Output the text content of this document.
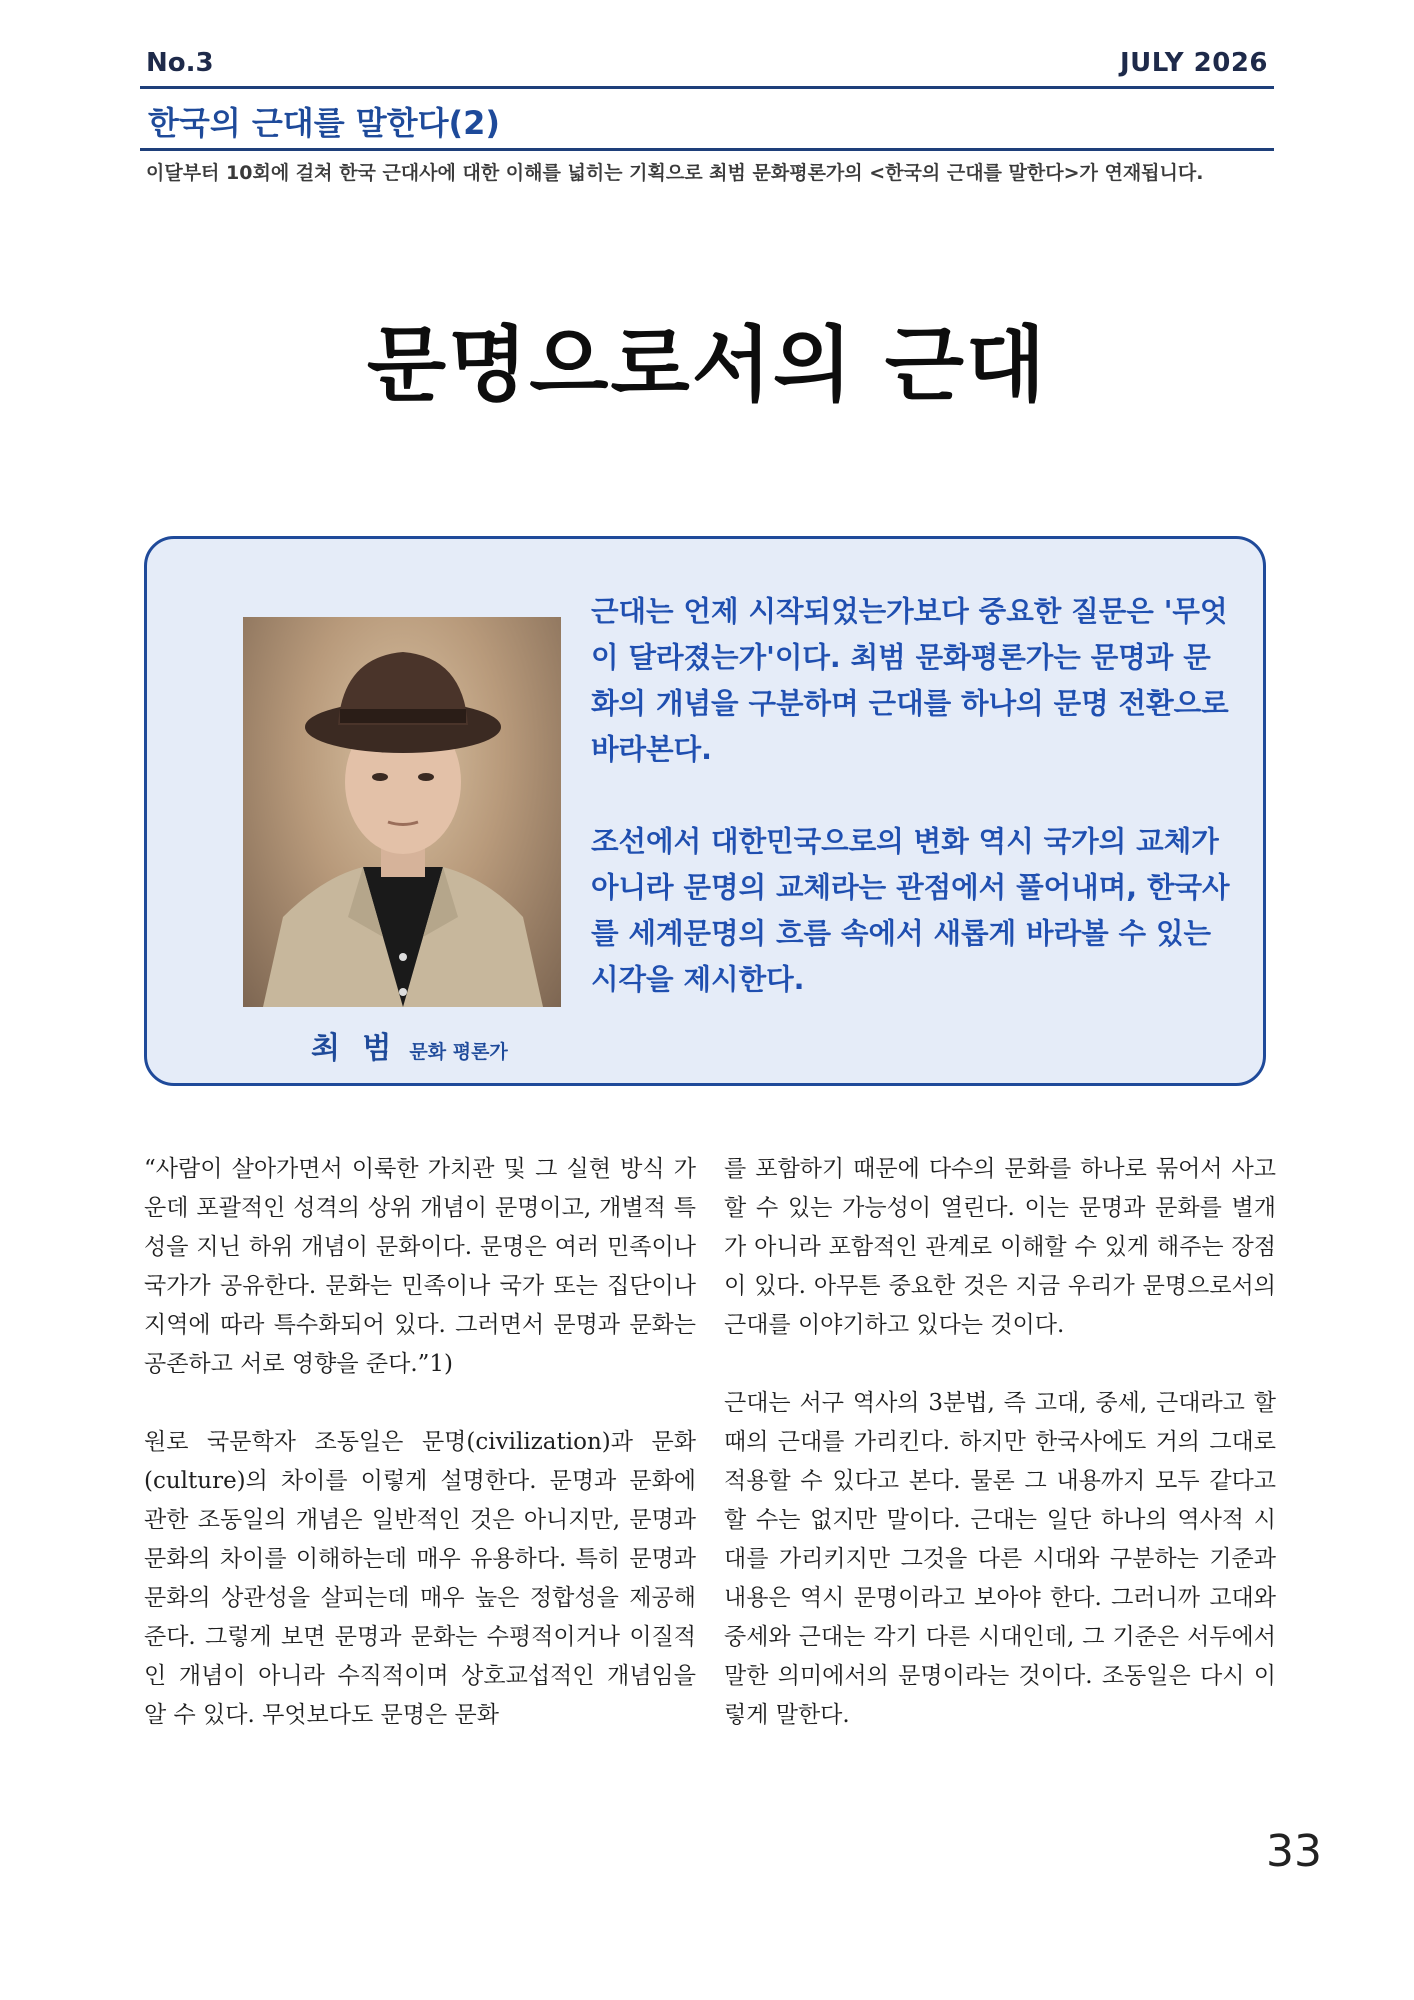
No.3	JULY 2026
한국의 근대를 말한다(2)
이달부터 10회에 걸쳐 한국 근대사에 대한 이해를 넓히는 기획으로 최범 문화평론가의 <한국의 근대를 말한다>가 연재됩니다.
문명으로서의 근대
최 범 문화 평론가

근대는 언제 시작되었는가보다 중요한 질문은 '무엇이 달라졌는가'이다. 최범 문화평론가는 문명과 문화의 개념을 구분하며 근대를 하나의 문명 전환으로 바라본다.

조선에서 대한민국으로의 변화 역시 국가의 교체가 아니라 문명의 교체라는 관점에서 풀어내며, 한국사를 세계문명의 흐름 속에서 새롭게 바라볼 수 있는 시각을 제시한다.

“사람이 살아가면서 이룩한 가치관 및 그 실현 방식 가운데 포괄적인 성격의 상위 개념이 문명이고, 개별적 특성을 지닌 하위 개념이 문화이다. 문명은 여러 민족이나 국가가 공유한다. 문화는 민족이나 국가 또는 집단이나 지역에 따라 특수화되어 있다. 그러면서 문명과 문화는 공존하고 서로 영향을 준다.”1)

원로 국문학자 조동일은 문명(civilization)과 문화(culture)의 차이를 이렇게 설명한다. 문명과 문화에 관한 조동일의 개념은 일반적인 것은 아니지만, 문명과 문화의 차이를 이해하는데 매우 유용하다. 특히 문명과 문화의 상관성을 살피는데 매우 높은 정합성을 제공해준다. 그렇게 보면 문명과 문화는 수평적이거나 이질적인 개념이 아니라 수직적이며 상호교섭적인 개념임을 알 수 있다. 무엇보다도 문명은 문화

를 포함하기 때문에 다수의 문화를 하나로 묶어서 사고할 수 있는 가능성이 열린다. 이는 문명과 문화를 별개가 아니라 포함적인 관계로 이해할 수 있게 해주는 장점이 있다. 아무튼 중요한 것은 지금 우리가 문명으로서의 근대를 이야기하고 있다는 것이다.

근대는 서구 역사의 3분법, 즉 고대, 중세, 근대라고 할 때의 근대를 가리킨다. 하지만 한국사에도 거의 그대로 적용할 수 있다고 본다. 물론 그 내용까지 모두 같다고 할 수는 없지만 말이다. 근대는 일단 하나의 역사적 시대를 가리키지만 그것을 다른 시대와 구분하는 기준과 내용은 역시 문명이라고 보아야 한다. 그러니까 고대와 중세와 근대는 각기 다른 시대인데, 그 기준은 서두에서 말한 의미에서의 문명이라는 것이다. 조동일은 다시 이렇게 말한다.

33
